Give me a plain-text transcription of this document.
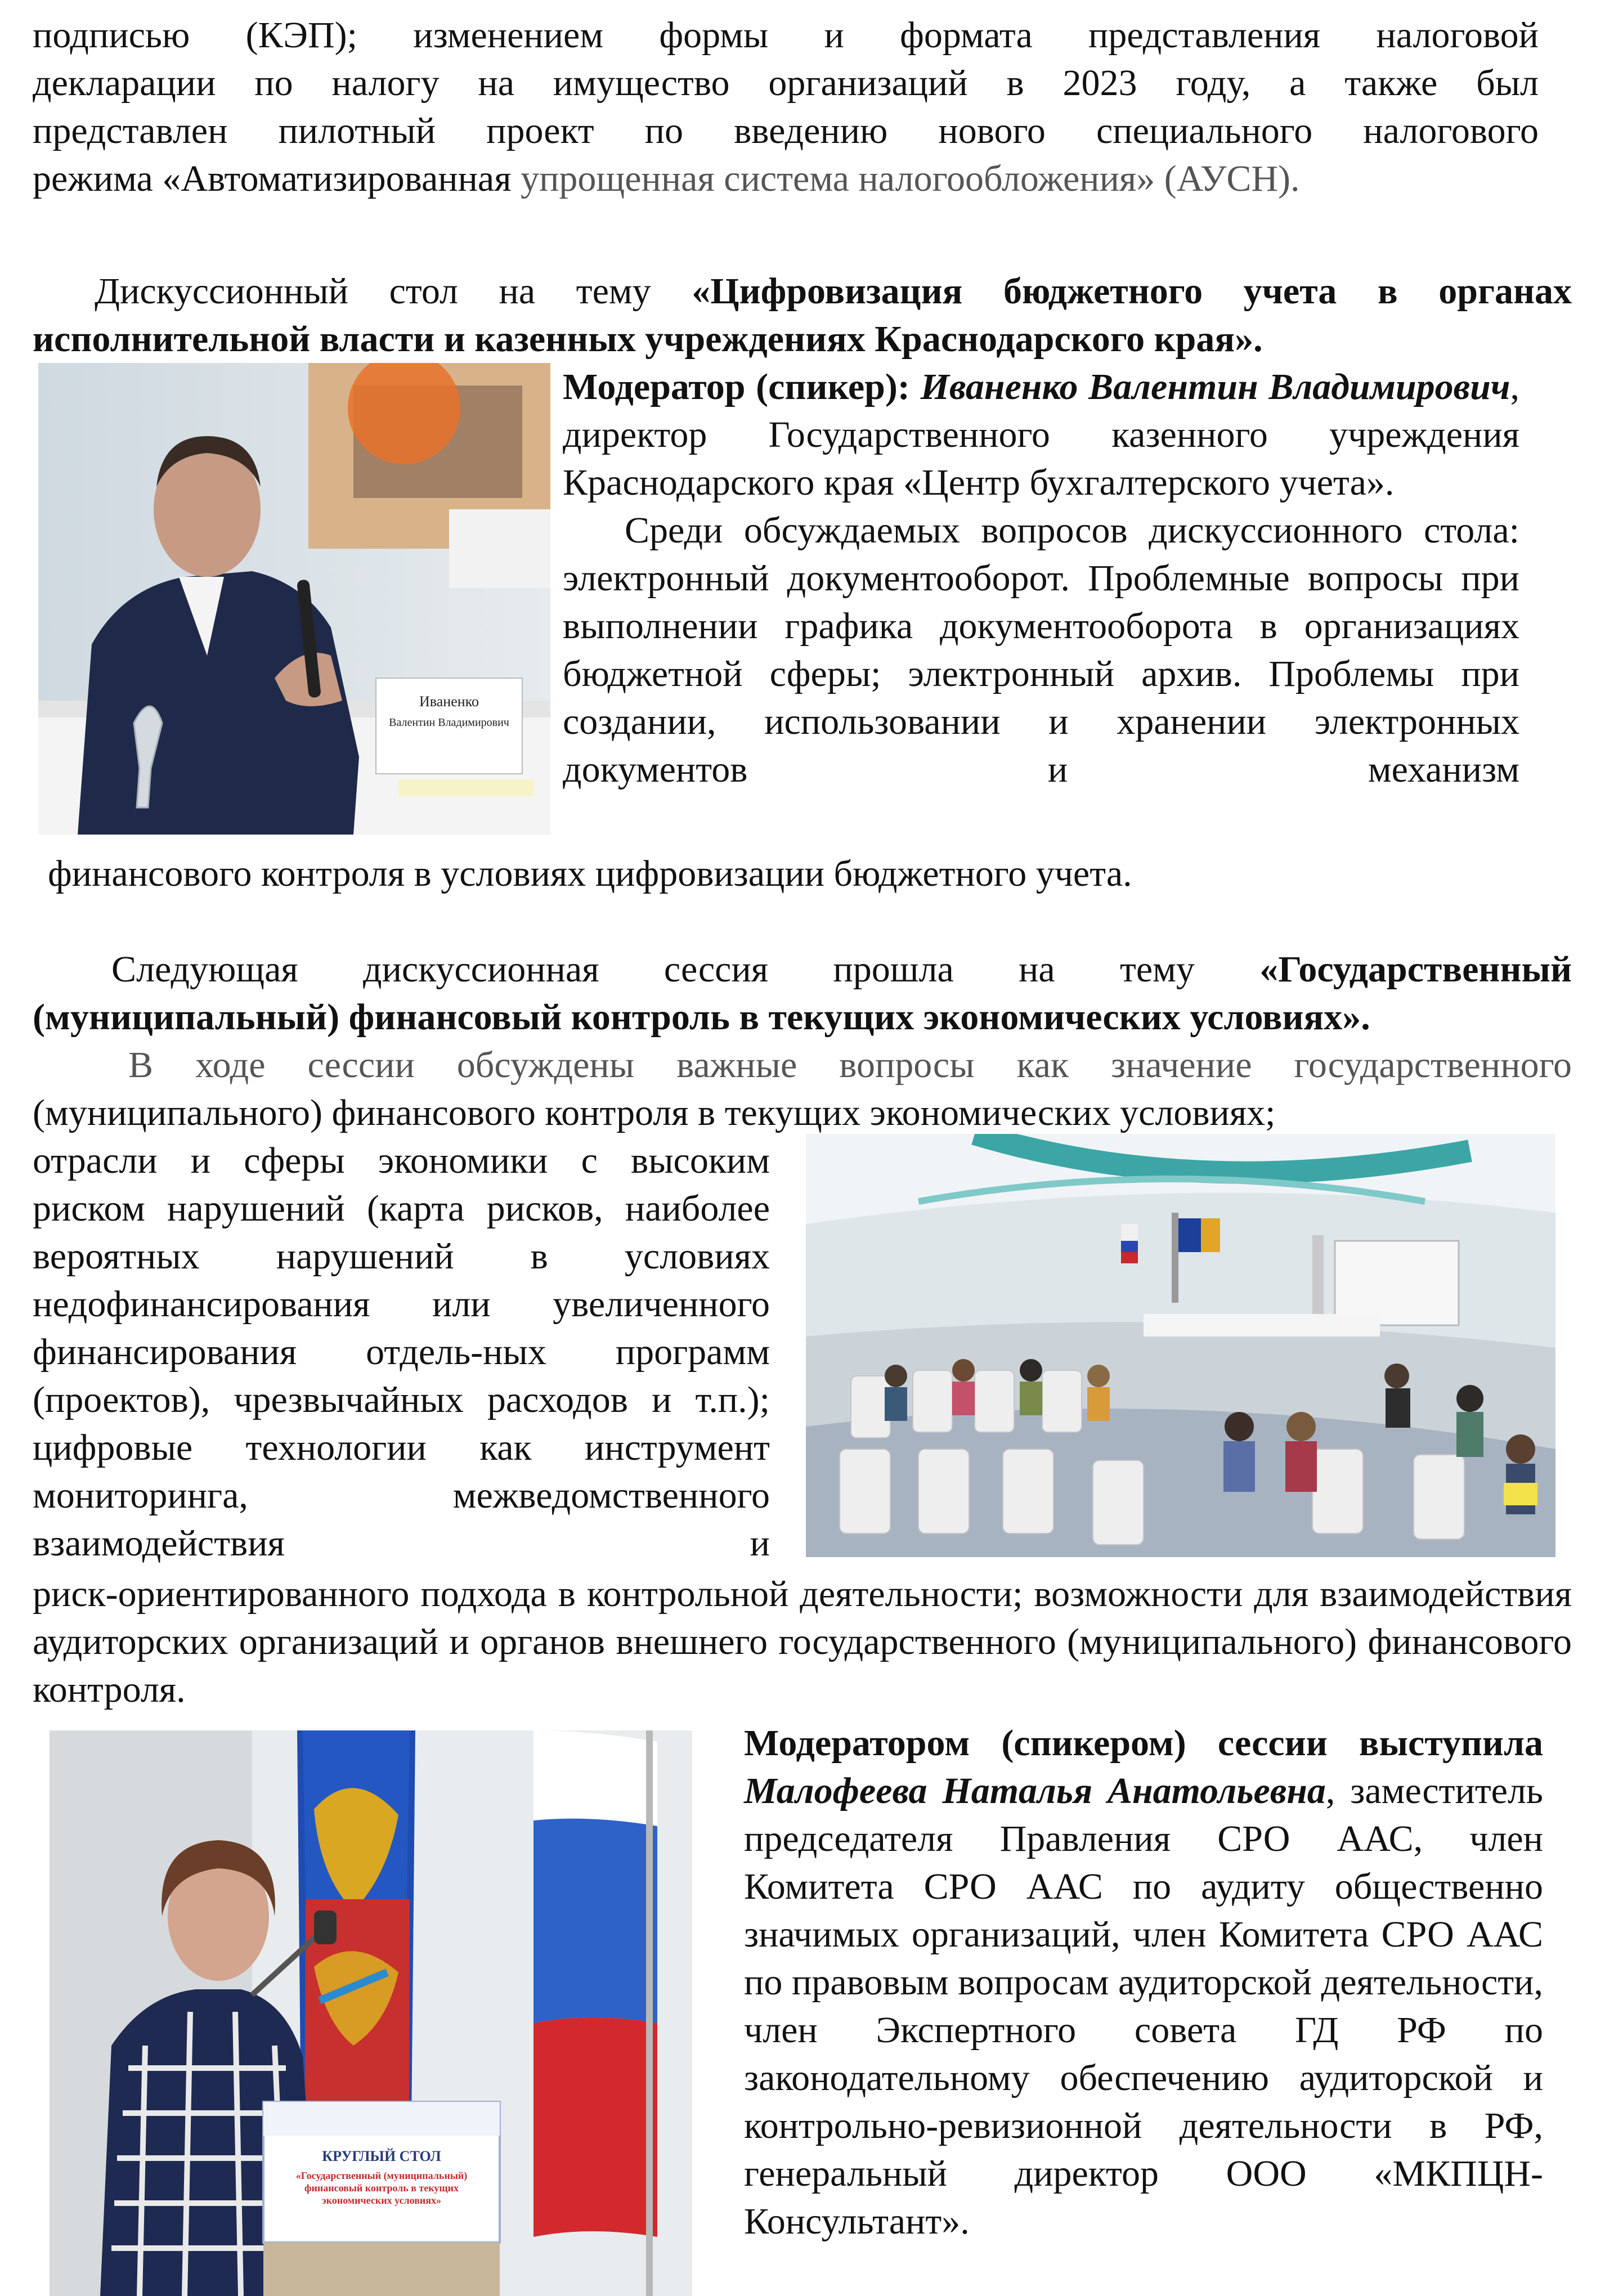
подписью (КЭП); изменением формы и формата представления налоговой

декларации по налогу на имущество организаций в 2023 году, а также был

представлен пилотный проект по введению нового специального налогового

режима «Автоматизированная упрощенная система налогообложения» (АУСН).

Дискуссионный стол на тему «Цифровизация бюджетного учета в органах

исполнительной власти и казенных учреждениях Краснодарского края».

Иваненко
Валентин Владимирович

Модератор (спикер): Иваненко Валентин Владимирович, директор Государственного казенного учреждения Краснодарского края «Центр бухгалтерского учета».

Среди обсуждаемых вопросов дискуссионного стола: электронный документооборот. Проблемные вопросы при выполнении графика документооборота в организациях бюджетной сферы; электронный архив. Проблемы при создании, использовании и хранении электронных документов и механизм

финансового контроля в условиях цифровизации бюджетного учета.

Следующая дискуссионная сессия прошла на тему «Государственный

(муниципальный) финансовый контроль в текущих экономических условиях».

В ходе сессии обсуждены важные вопросы как значение государственного

(муниципального) финансового контроля в текущих экономических условиях;

отрасли и сферы экономики с высоким риском нарушений (карта рисков, наиболее вероятных нарушений в условиях недофинансирования или увеличенного финансирования отдель-ных программ (проектов), чрезвычайных расходов и т.п.); цифровые технологии как инструмент мониторинга, межведомственного взаимодействия и

риск-ориентированного подхода в контрольной деятельности; возможности для взаимодействия аудиторских организаций и органов внешнего государственного (муниципального) финансового контроля.

КРУГЛЫЙ СТОЛ
«Государственный (муниципальный) финансовый контроль в текущих экономических условиях»

Модератором (спикером) сессии выступила Малофеева Наталья Анатольевна, заместитель председателя Правления СРО ААС, член Комитета СРО ААС по аудиту общественно значимых организаций, член Комитета СРО ААС по правовым вопросам аудиторской деятельности, член Экспертного совета ГД РФ по законодательному обеспечению аудиторской и контрольно-ревизионной деятельности в РФ, генеральный директор ООО «МКПЦН-Консультант».
